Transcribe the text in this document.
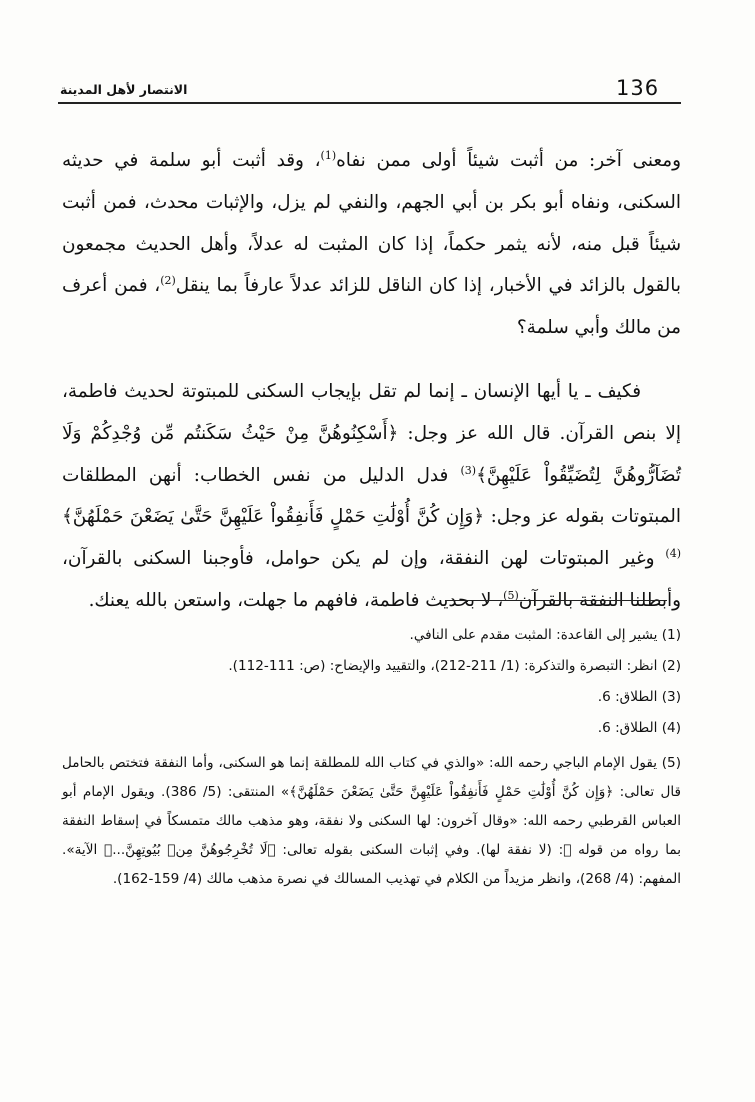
136
الانتصار لأهل المدينة

ومعنى آخر: من أثبت شيئاً أولى ممن نفاه$^{(1)}$، وقد أثبت أبو سلمة في حديثه السكنى، ونفاه أبو بكر بن أبي الجهم، والنفي لم يزل، والإثبات محدث، فمن أثبت شيئاً قبل منه، لأنه يثمر حكماً، إذا كان المثبت له عدلاً، وأهل الحديث مجمعون بالقول بالزائد في الأخبار، إذا كان الناقل للزائد عدلاً عارفاً بما ينقل$^{(2)}$، فمن أعرف من مالك وأبي سلمة؟

فكيف ـ يا أيها الإنسان ـ إنما لم تقل بإيجاب السكنى للمبتوتة لحديث فاطمة، إلا بنص القرآن. قال الله عز وجل: ﴿أَسْكِنُوهُنَّ مِنْ حَيْثُ سَكَنتُم مِّن وُجْدِكُمْ وَلَا تُضَآرُّوهُنَّ لِتُضَيِّقُواْ عَلَيْهِنَّ﴾$^{(3)}$ فدل الدليل من نفس الخطاب: أنهن المطلقات المبتوتات بقوله عز وجل: ﴿وَإِن كُنَّ أُوْلَٰتِ حَمْلٍ فَأَنفِقُواْ عَلَيْهِنَّ حَتَّىٰ يَضَعْنَ حَمْلَهُنَّ﴾$^{(4)}$ وغير المبتوتات لهن النفقة، وإن لم يكن حوامل، فأوجبنا السكنى بالقرآن، وأبطلنا النفقة بالقرآن$^{(5)}$، لا بحديث فاطمة، فافهم ما جهلت، واستعن بالله يعنك.

(1) يشير إلى القاعدة: المثبت مقدم على النافي.

(2) انظر: التبصرة والتذكرة: (1/ 211-212)، والتقييد والإيضاح: (ص: 111-112).

(3) الطلاق: 6.

(4) الطلاق: 6.

(5) يقول الإمام الباجي رحمه الله: «والذي في كتاب الله للمطلقة إنما هو السكنى، وأما النفقة فتختص بالحامل قال تعالى: ﴿وَإِن كُنَّ أُوْلَٰتِ حَمْلٍ فَأَنفِقُواْ عَلَيْهِنَّ حَتَّىٰ يَضَعْنَ حَمْلَهُنَّ﴾» المنتقى: (5/ 386). ويقول الإمام أبو العباس القرطبي رحمه الله: «وقال آخرون: لها السكنى ولا نفقة، وهو مذهب مالك متمسكاً في إسقاط النفقة بما رواه من قوله ﷺ: (لا نفقة لها). وفي إثبات السكنى بقوله تعالى: ﴿لَا تُخْرِجُوهُنَّ مِنۢ بُيُوتِهِنَّ...﴾ الآية». المفهم: (4/ 268)، وانظر مزيداً من الكلام في تهذيب المسالك في نصرة مذهب مالك (4/ 159-162).
